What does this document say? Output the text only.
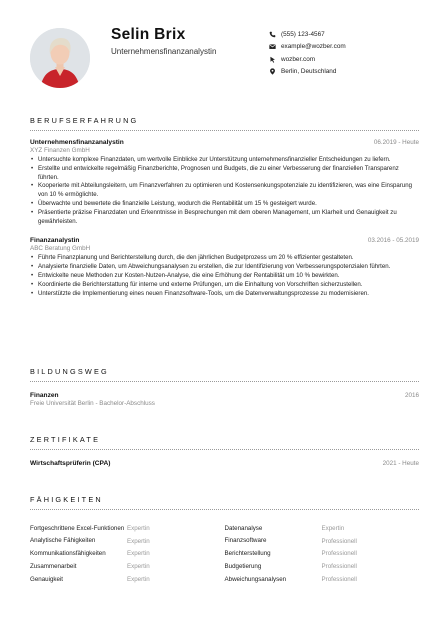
Selin Brix
Unternehmensfinanzanalystin
(555) 123-4567
example@wozber.com
wozber.com
Berlin, Deutschland
BERUFSERFAHRUNG
Unternehmensfinanzanalystin	06.2019 - Heute
XYZ Finanzen GmbH
• Untersuchte komplexe Finanzdaten, um wertvolle Einblicke zur Unterstützung unternehmensfinanzieller Entscheidungen zu liefern.
• Erstellte und entwickelte regelmäßig Finanzberichte, Prognosen und Budgets, die zu einer Verbesserung der finanziellen Transparenz führten.
• Kooperierte mit Abteilungsleitern, um Finanzverfahren zu optimieren und Kostensenkungspotenziale zu identifizieren, was eine Einsparung von 10 % ermöglichte.
• Überwachte und bewertete die finanzielle Leistung, wodurch die Rentabilität um 15 % gesteigert wurde.
• Präsentierte präzise Finanzdaten und Erkenntnisse in Besprechungen mit dem oberen Management, um Klarheit und Genauigkeit zu gewährleisten.
Finanzanalystin	03.2016 - 05.2019
ABC Beratung GmbH
• Führte Finanzplanung und Berichterstellung durch, die den jährlichen Budgetprozess um 20 % effizienter gestalteten.
• Analysierte finanzielle Daten, um Abweichungsanalysen zu erstellen, die zur Identifizierung von Verbesserungspotenzialen führten.
• Entwickelte neue Methoden zur Kosten-Nutzen-Analyse, die eine Erhöhung der Rentabilität um 10 % bewirkten.
• Koordinierte die Berichterstattung für interne und externe Prüfungen, um die Einhaltung von Vorschriften sicherzustellen.
• Unterstützte die Implementierung eines neuen Finanzsoftware-Tools, um die Datenverwaltungsprozesse zu modernisieren.
BILDUNGSWEG
Finanzen	2016
Freie Universität Berlin - Bachelor-Abschluss
ZERTIFIKATE
Wirtschaftsprüferin (CPA)	2021 - Heute
FÄHIGKEITEN
Fortgeschrittene Excel-Funktionen Expertin
Analytische Fähigkeiten	Expertin
Kommunikationsfähigkeiten	Expertin
Zusammenarbeit	Expertin
Genauigkeit	Expertin
Datenanalyse	Expertin
Finanzsoftware	Professionell
Berichterstellung	Professionell
Budgetierung	Professionell
Abweichungsanalysen	Professionell
